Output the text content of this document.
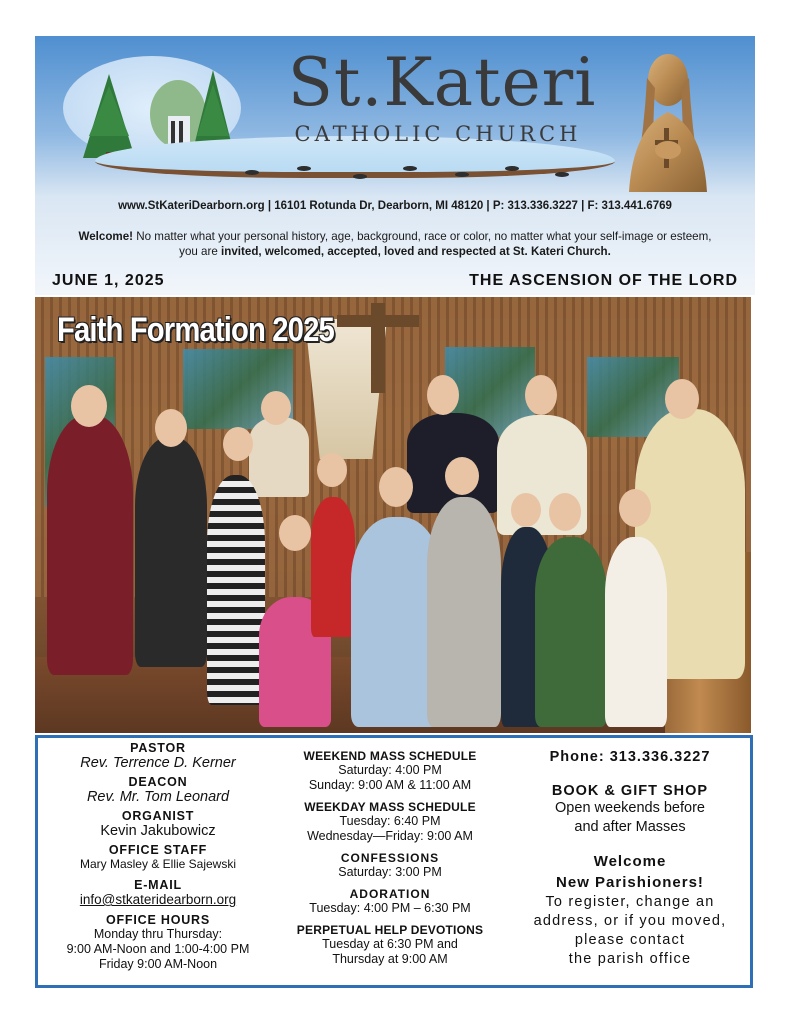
St.Kateri
CATHOLIC CHURCH
www.StKateriDearborn.org | 16101 Rotunda Dr, Dearborn, MI 48120 | P: 313.336.3227 | F: 313.441.6769
Welcome! No matter what your personal history, age, background, race or color, no matter what your self-image or esteem, you are invited, welcomed, accepted, loved and respected at St. Kateri Church.
JUNE 1, 2025	THE ASCENSION OF THE LORD
Faith Formation 2025
PASTOR
Rev. Terrence D. Kerner
DEACON
Rev. Mr. Tom Leonard
ORGANIST
Kevin Jakubowicz
OFFICE STAFF
Mary Masley & Ellie Sajewski
E-MAIL
info@stkateridearborn.org
OFFICE HOURS
Monday thru Thursday:
9:00 AM-Noon and 1:00-4:00 PM
Friday 9:00 AM-Noon
WEEKEND MASS SCHEDULE
Saturday: 4:00 PM
Sunday: 9:00 AM & 11:00 AM
WEEKDAY MASS SCHEDULE
Tuesday: 6:40 PM
Wednesday—Friday: 9:00 AM
CONFESSIONS
Saturday: 3:00 PM
ADORATION
Tuesday: 4:00 PM – 6:30 PM
PERPETUAL HELP DEVOTIONS
Tuesday at 6:30 PM and
Thursday at 9:00 AM
Phone: 313.336.3227
BOOK & GIFT SHOP
Open weekends before
and after Masses
Welcome
New Parishioners!
To register, change an
address, or if you moved,
please contact
the parish office
